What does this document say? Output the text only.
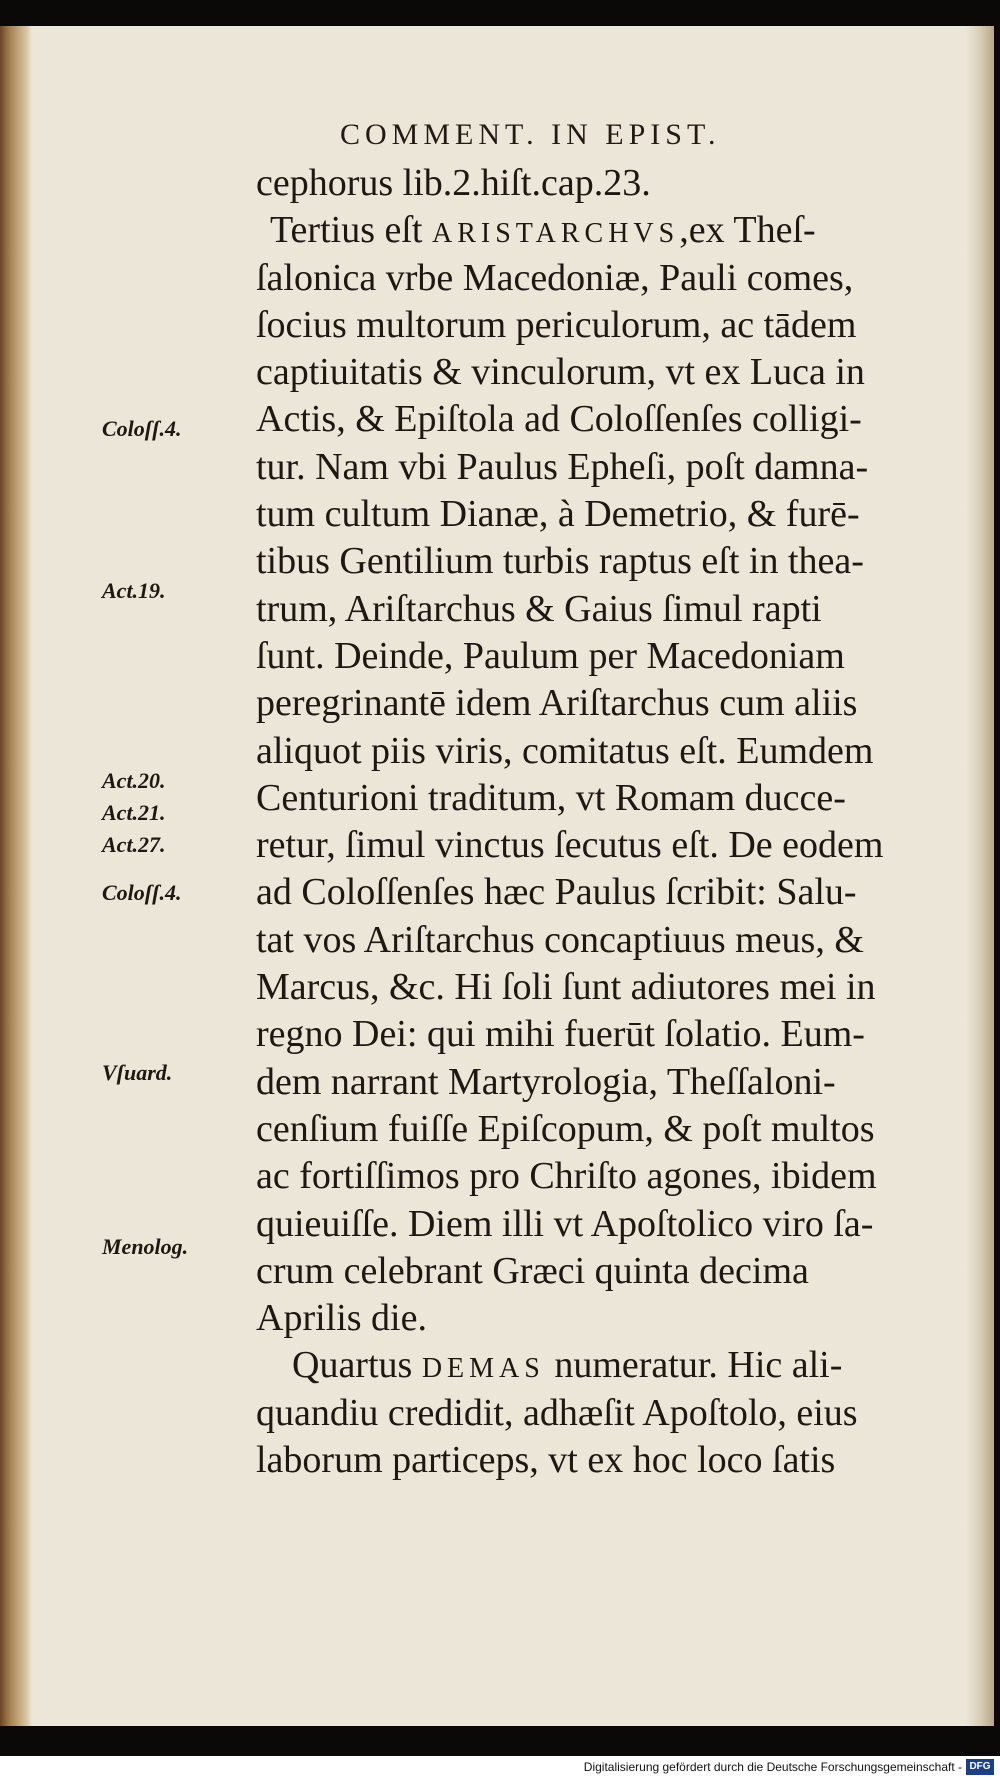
COMMENT. IN EPIST.
cephorus lib.2.hiſt.cap.23.
Tertius eſt ARISTARCHVS,ex Theſ-
ſalonica vrbe Macedoniæ, Pauli comes,
ſocius multorum periculorum, ac tādem
captiuitatis & vinculorum, vt ex Luca in
Actis, & Epiſtola ad Coloſſenſes colligi-
tur. Nam vbi Paulus Epheſi, poſt damna-
tum cultum Dianæ, à Demetrio, & furē-
tibus Gentilium turbis raptus eſt in thea-
trum, Ariſtarchus & Gaius ſimul rapti
ſunt. Deinde, Paulum per Macedoniam
peregrinantē idem Ariſtarchus cum aliis
aliquot piis viris, comitatus eſt. Eumdem
Centurioni traditum, vt Romam ducce-
retur, ſimul vinctus ſecutus eſt. De eodem
ad Coloſſenſes hæc Paulus ſcribit: Salu-
tat vos Ariſtarchus concaptiuus meus, &
Marcus, &c. Hi ſoli ſunt adiutores mei in
regno Dei: qui mihi fuerūt ſolatio. Eum-
dem narrant Martyrologia, Theſſaloni-
cenſium fuiſſe Epiſcopum, & poſt multos
ac fortiſſimos pro Chriſto agones, ibidem
quieuiſſe. Diem illi vt Apoſtolico viro ſa-
crum celebrant Græci quinta decima
Aprilis die.
Quartus DEMAS numeratur. Hic ali-
quandiu credidit, adhæſit Apoſtolo, eius
laborum particeps, vt ex hoc loco ſatis
Coloſſ.4.
Act.19.
Act.20.
Act.21.
Act.27.
Coloſſ.4.
Vſuard.
Menolog.
Digitalisierung gefördert durch die Deutsche Forschungsgemeinschaft - DFG
